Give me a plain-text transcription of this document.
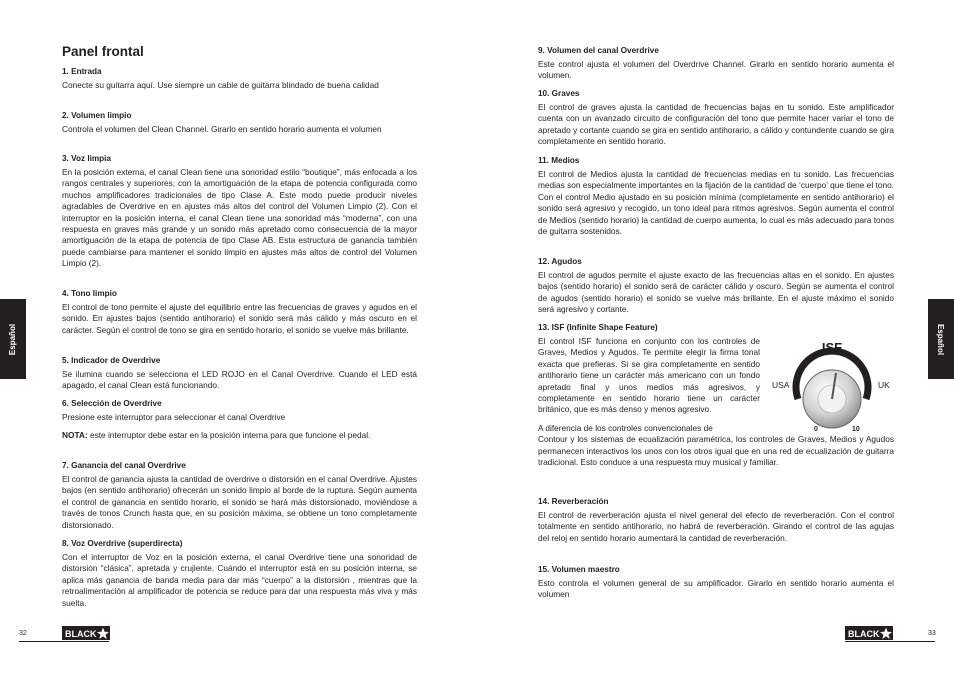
Español	Español
Panel frontal
1. Entrada

Conecte su guitarra aquí. Use siempre un cable de guitarra blindado de buena calidad

2. Volumen limpio

Controla el volumen del Clean Channel. Girarlo en sentido horario aumenta el volumen

3. Voz limpia

En la posición externa, el canal Clean tiene una sonoridad estilo “boutique”, más enfocada a los rangos centrales y superiores, con la amortiguación de la etapa de potencia configurada como muchos amplificadores tradicionales de tipo Clase A. Este modo puede producir niveles agradables de Overdrive en en ajustes más altos del control del Volumen Limpio (2). Con el interruptor en la posición interna, el canal Clean tiene una sonoridad más “moderna”, con una respuesta en graves más grande y un sonido más apretado como consecuencia de la mayor amortiguación de la etapa de potencia de tipo Clase AB. Esta estructura de ganancia también puede cambiarse para mantener el sonido limpio en ajustes más altos de control del Volumen Limpio (2).

4. Tono limpio

El control de tono permite el ajuste del equilibrio entre las frecuencias de graves y agudos en el sonido. En ajustes bajos (sentido antihorario) el sonido será más cálido y más oscuro en el carácter. Según el control de tono se gira en sentido horario, el sonido se vuelve más brillante.

5. Indicador de Overdrive

Se ilumina cuando se selecciona el LED ROJO en el Canal Overdrive. Cuando el LED está apagado, el canal Clean está funcionando.

6. Selección de Overdrive

Presione este interruptor para seleccionar el canal Overdrive

NOTA: este interruptor debe estar en la posición interna para que funcione el pedal.

7. Ganancia del canal Overdrive

El control de ganancia ajusta la cantidad de overdrive o distorsión en el canal Overdrive. Ajustes bajos (en sentido antihorario) ofrecerán un sonido limpio al borde de la ruptura. Según aumenta el control de ganancia en sentido horario, el sonido se hará más distorsionado, moviéndose a través de tonos Crunch hasta que, en su posición máxima, se obtiene un tono completamente distorsionado.

8. Voz Overdrive (superdirecta)

Con el interruptor de Voz en la posición externa, el canal Overdrive tiene una sonoridad de distorsión “clásica”, apretada y crujiente. Cuándo el interruptor está en su posición interna, se aplica más ganancia de banda media para dar más “cuerpo” a la distorsión , mientras que la retroalimentación al amplificador de potencia se reduce para dar una respuesta más viva y más suelta.

9. Volumen del canal Overdrive

Este control ajusta el volumen del Overdrive Channel. Girarlo en sentido horario aumenta el volumen.

10. Graves

El control de graves ajusta la cantidad de frecuencias bajas en tu sonido. Este amplificador cuenta con un avanzado circuito de configuración del tono que permite hacer variar el tono de apretado y cortante cuando se gira en sentido antihorario, a cálido y contundente cuando se gira completamente en sentido horario.

11. Medios

El control de Medios ajusta la cantidad de frecuencias medias en tu sonido. Las frecuencias medias son especialmente importantes en la fijación de la cantidad de ‘cuerpo’ que tiene el tono. Con el control Medio ajustado en su posición mínima (completamente en sentido antihorario) el sonido será agresivo y recogido, un tono ideal para ritmos agresivos. Según aumenta el control de Medios (sentido horario) la cantidad de cuerpo aumenta, lo cual es más adecuado para tonos de guitarra sostenidos.

12. Agudos

El control de agudos permite el ajuste exacto de las frecuencias altas en el sonido. En ajustes bajos (sentido horario) el sonido será de carácter cálido y oscuro. Según se aumenta el control de agudos (sentido horario) el sonido se vuelve más brillante. En el ajuste máximo el sonido será agresivo y cortante.

13. ISF (Infinite Shape Feature)

El control ISF funciona en conjunto con los controles de Graves, Medios y Agudos. Te permite elegir la firma tonal exacta que prefieras. Si se gira completamente en sentido antihorario tiene un carácter más americano con un fondo apretado final y unos medios más agresivos, y completamente en sentido horario tiene un carácter británico, que es más denso y menos agresivo.

A diferencia de los controles convencionales de

Contour y los sistemas de ecualización paramétrica, los controles de Graves, Medios y Agudos permanecen interactivos los unos con los otros igual que en una red de ecualización de guitarra tradicional. Esto conduce a una respuesta muy musical y familiar.

14. Reverberación

El control de reverberación ajusta el nivel general del efecto de reverberación. Con el control totalmente en sentido antihorario, no habrá de reverberación. Girando el control de las agujas del reloj en sentido horario aumentará la cantidad de reverberación.

15. Volumen maestro

Esto controla el volumen general de su amplificador. Girarlo en sentido horario aumenta el volumen

ISF
USA	UK
0	10
32	33
BLACK	BLACK
